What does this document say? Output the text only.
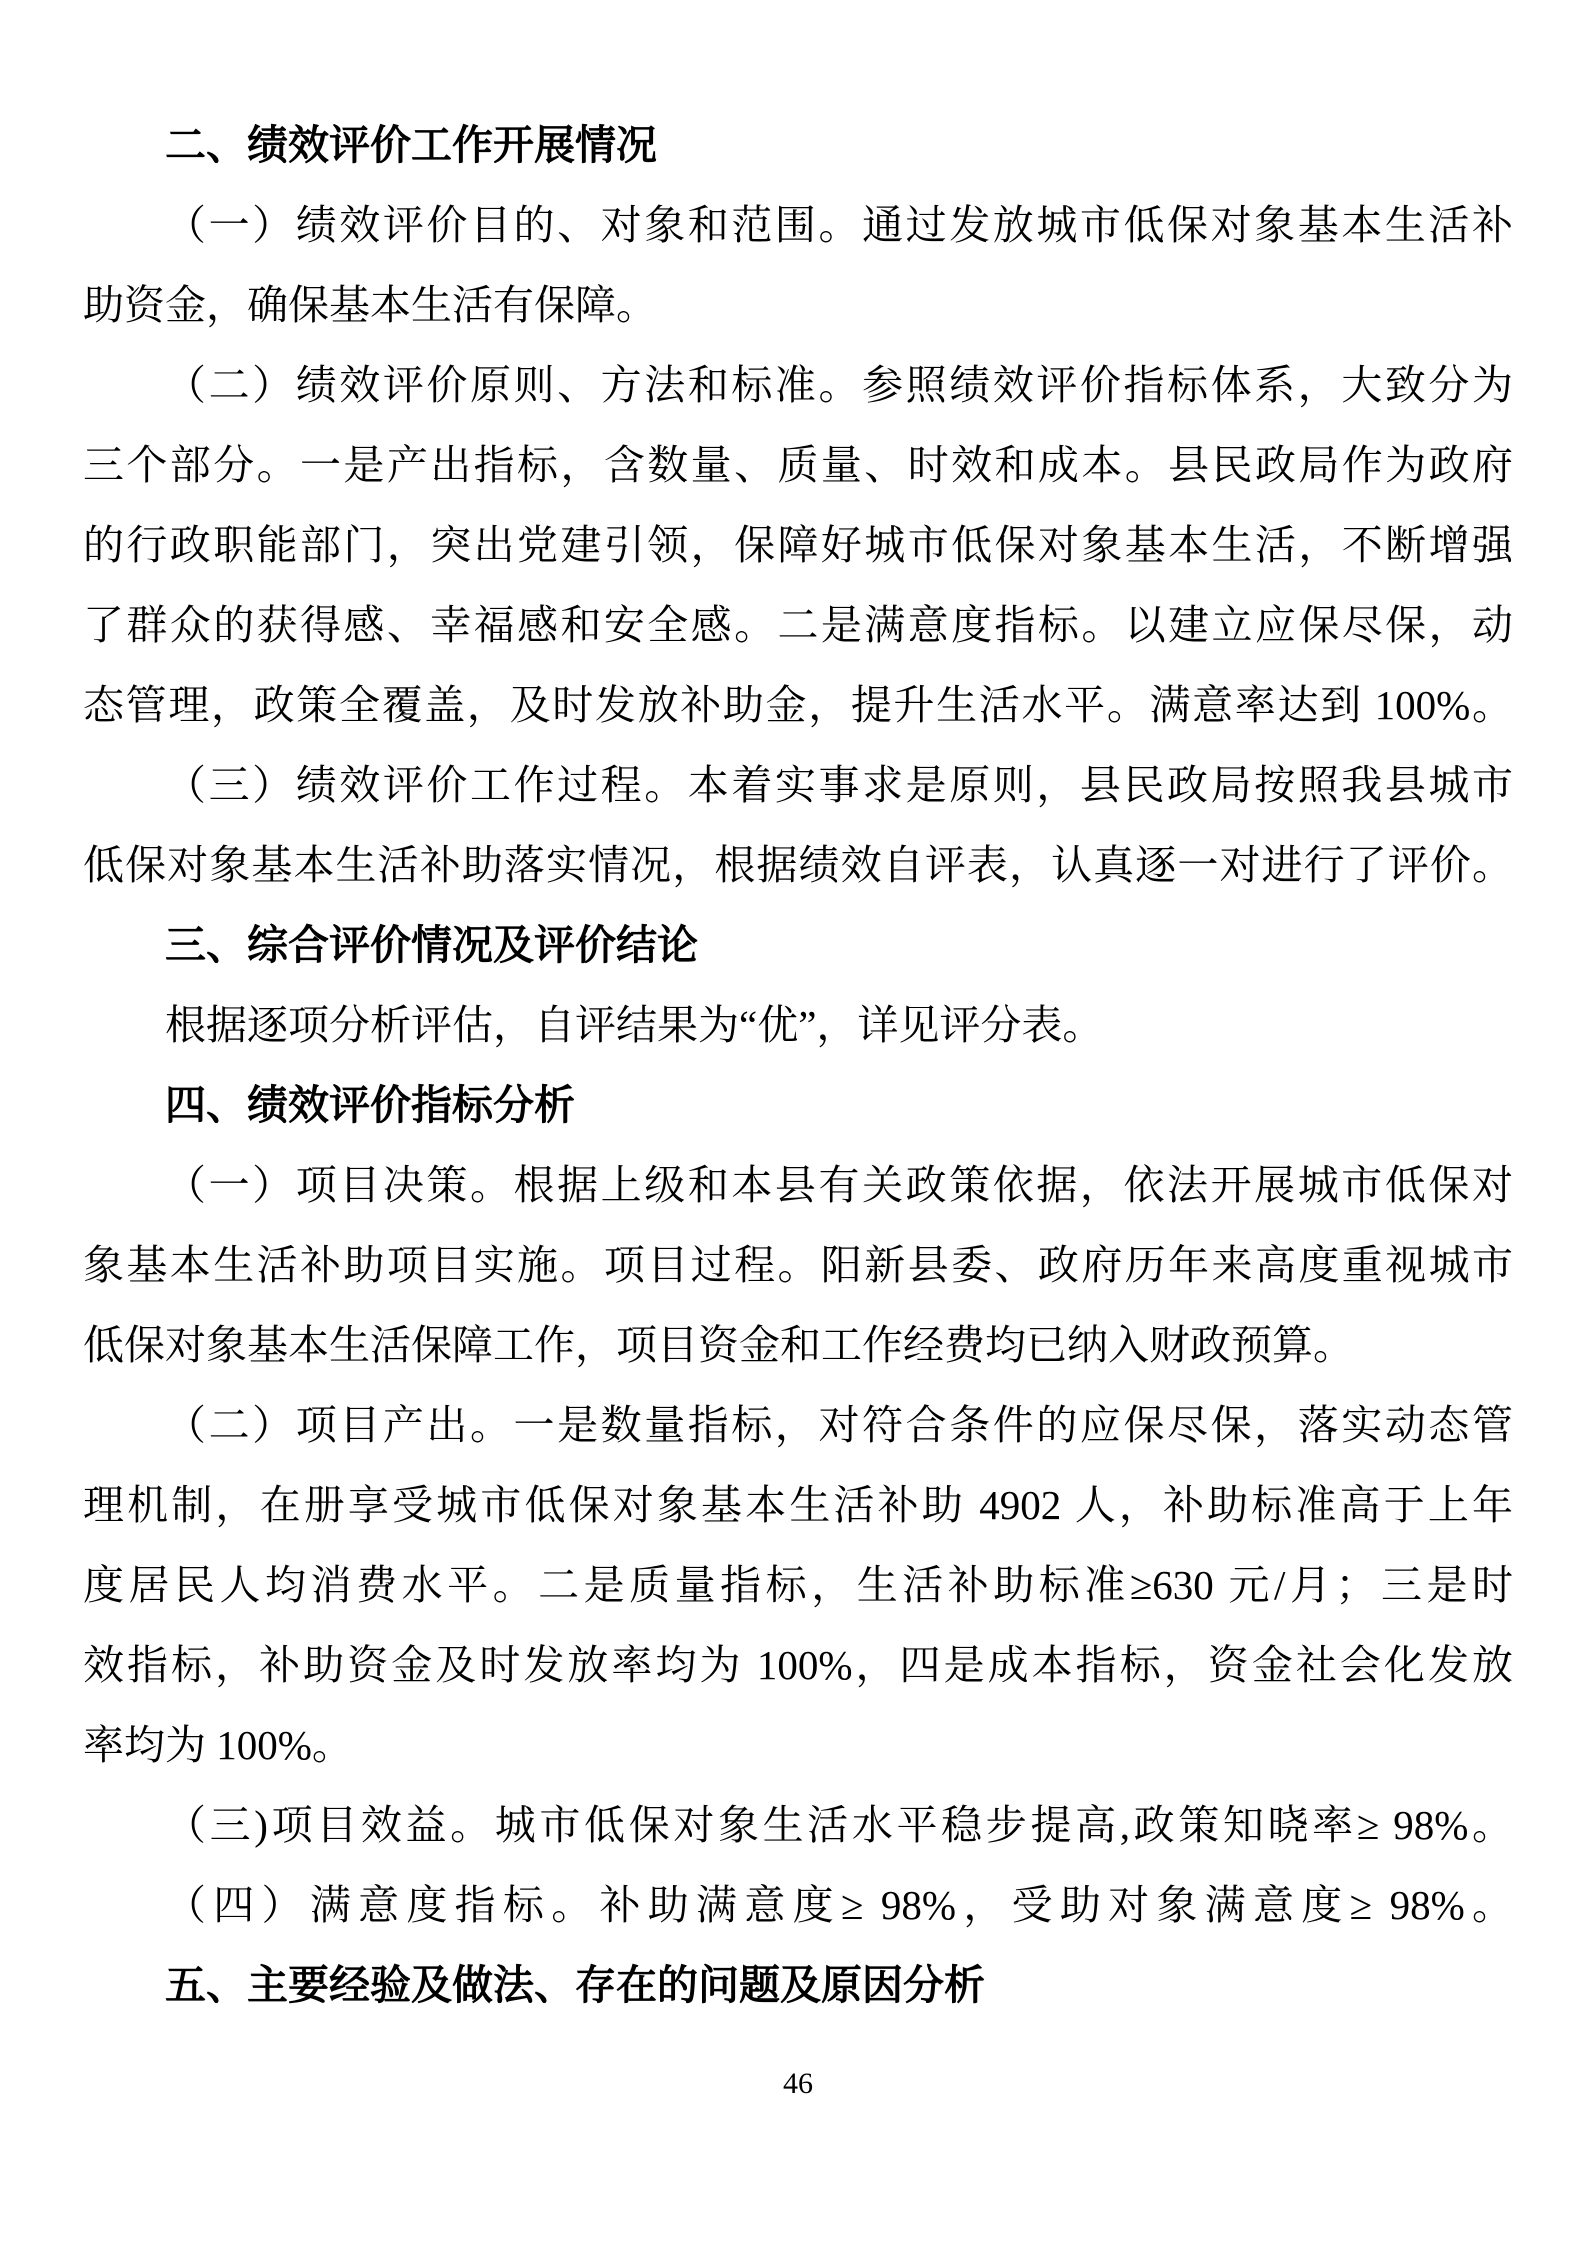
二、绩效评价工作开展情况
（一）绩效评价目的、对象和范围。通过发放城市低保对象基本生活补
助资金，确保基本生活有保障。
（二）绩效评价原则、方法和标准。参照绩效评价指标体系，大致分为
三个部分。一是产出指标，含数量、质量、时效和成本。县民政局作为政府
的行政职能部门，突出党建引领，保障好城市低保对象基本生活，不断增强
了群众的获得感、幸福感和安全感。二是满意度指标。以建立应保尽保，动
态管理，政策全覆盖，及时发放补助金，提升生活水平。满意率达到 100%。
（三）绩效评价工作过程。本着实事求是原则，县民政局按照我县城市
低保对象基本生活补助落实情况，根据绩效自评表，认真逐一对进行了评价。
三、综合评价情况及评价结论
根据逐项分析评估，自评结果为“优”，详见评分表。
四、绩效评价指标分析
（一）项目决策。根据上级和本县有关政策依据，依法开展城市低保对
象基本生活补助项目实施。项目过程。阳新县委、政府历年来高度重视城市
低保对象基本生活保障工作，项目资金和工作经费均已纳入财政预算。
（二）项目产出。一是数量指标，对符合条件的应保尽保，落实动态管
理机制，在册享受城市低保对象基本生活补助 4902 人，补助标准高于上年
度居民人均消费水平。二是质量指标，生活补助标准≥630 元/月；三是时
效指标，补助资金及时发放率均为 100%，四是成本指标，资金社会化发放
率均为 100%。
（三)项目效益。城市低保对象生活水平稳步提高,政策知晓率≥ 98%。
（四）满意度指标。补助满意度≥ 98%，受助对象满意度≥ 98%。
五、主要经验及做法、存在的问题及原因分析
46
